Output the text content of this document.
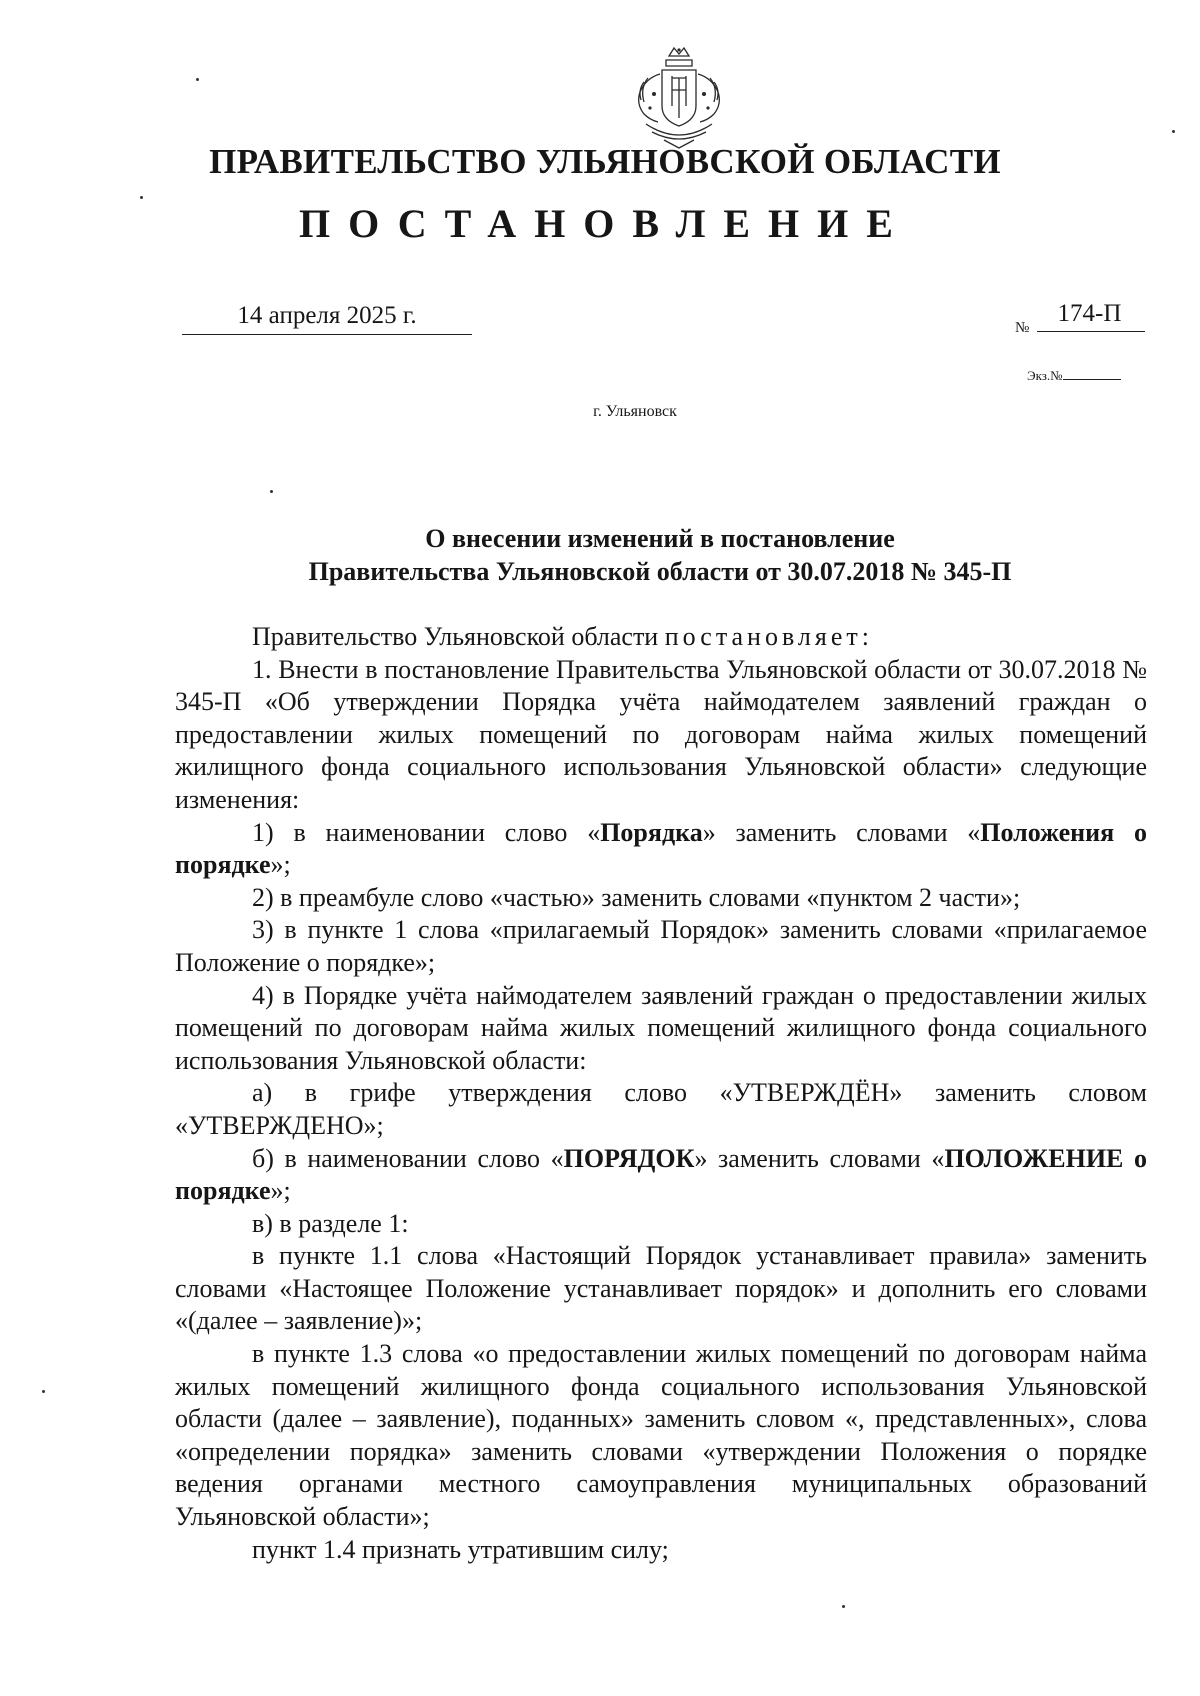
ПРАВИТЕЛЬСТВО УЛЬЯНОВСКОЙ ОБЛАСТИ
ПОСТАНОВЛЕНИЕ
14 апреля 2025 г.	№
174-П
Экз.№
г. Ульяновск
О внесении изменений в постановление
Правительства Ульяновской области от 30.07.2018 № 345-П

Правительство Ульяновской области постановляет:

1. Внести в постановление Правительства Ульяновской области от 30.07.2018 № 345-П «Об утверждении Порядка учёта наймодателем заявлений граждан о предоставлении жилых помещений по договорам найма жилых помещений жилищного фонда социального использования Ульяновской области» следующие изменения:

1) в наименовании слово «Порядка» заменить словами «Положения о порядке»;

2) в преамбуле слово «частью» заменить словами «пунктом 2 части»;

3) в пункте 1 слова «прилагаемый Порядок» заменить словами «прилагаемое Положение о порядке»;

4) в Порядке учёта наймодателем заявлений граждан о предоставлении жилых помещений по договорам найма жилых помещений жилищного фонда социального использования Ульяновской области:

а) в грифе утверждения слово «УТВЕРЖДЁН» заменить словом «УТВЕРЖДЕНО»;

б) в наименовании слово «ПОРЯДОК» заменить словами «ПОЛОЖЕНИЕ о порядке»;

в) в разделе 1:

в пункте 1.1 слова «Настоящий Порядок устанавливает правила» заменить словами «Настоящее Положение устанавливает порядок» и дополнить его словами «(далее – заявление)»;

в пункте 1.3 слова «о предоставлении жилых помещений по договорам найма жилых помещений жилищного фонда социального использования Ульяновской области (далее – заявление), поданных» заменить словом «, представленных», слова «определении порядка» заменить словами «утверждении Положения о порядке ведения органами местного самоуправления муниципальных образований Ульяновской области»;

пункт 1.4 признать утратившим силу;
